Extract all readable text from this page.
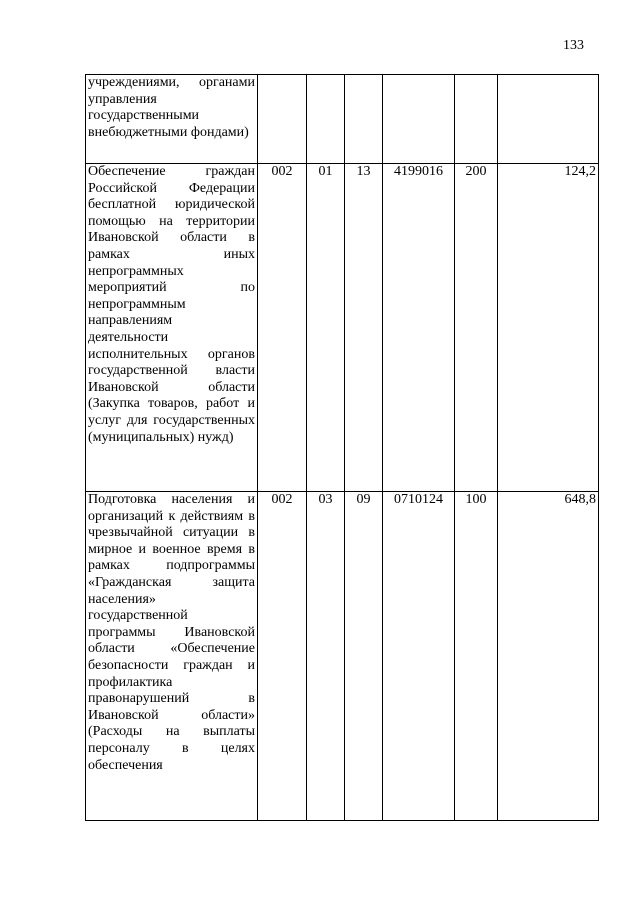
133
учреждениями, органами управления государственными внебюджетными фондами)						

Обеспечение граждан Российской Федерации бесплатной юридической помощью на территории Ивановской области в рамках иных непрограммных мероприятий по непрограммным направлениям деятельности исполнительных органов государственной власти Ивановской области (Закупка товаров, работ и услуг для государственных (муниципальных) нужд)	002	01	13	4199016	200	124,2

Подготовка населения и организаций к действиям в чрезвычайной ситуации в мирное и военное время в рамках подпрограммы «Гражданская защита населения» государственной программы Ивановской области «Обеспечение безопасности граждан и профилактика правонарушений в Ивановской области» (Расходы на выплаты персоналу в целях обеспечения	002	03	09	0710124	100	648,8
